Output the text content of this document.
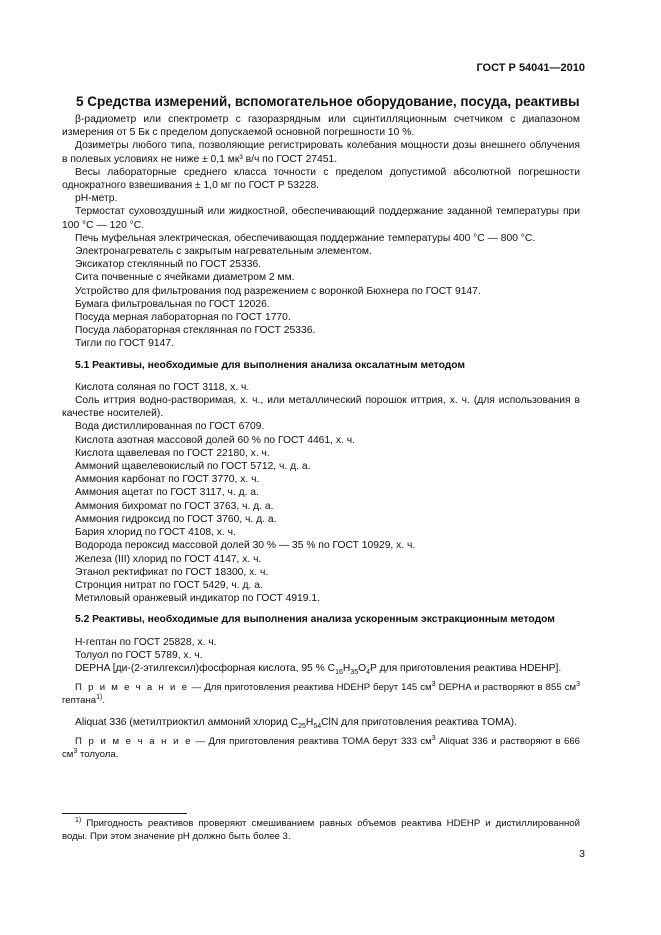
ГОСТ Р 54041—2010
5 Средства измерений, вспомогательное оборудование, посуда, реактивы

β-радиометр или спектрометр с газоразрядным или сцинтилляционным счетчиком с диапазоном измерения от 5 Бк с пределом допускаемой основной погрешности 10 %.

Дозиметры любого типа, позволяющие регистрировать колебания мощности дозы внешнего облучения в полевых условиях не ниже ± 0,1 мк³ в/ч по ГОСТ 27451.

Весы лабораторные среднего класса точности с пределом допустимой абсолютной погрешности однократного взвешивания ± 1,0 мг по ГОСТ Р 53228.

рН-метр.

Термостат суховоздушный или жидкостной, обеспечивающий поддержание заданной температуры при 100 °С — 120 °С.

Печь муфельная электрическая, обеспечивающая поддержание температуры 400 °С — 800 °С.

Электронагреватель с закрытым нагревательным элементом.

Эксикатор стеклянный по ГОСТ 25336.

Сита почвенные с ячейками диаметром 2 мм.

Устройство для фильтрования под разрежением с воронкой Бюхнера по ГОСТ 9147.

Бумага фильтровальная по ГОСТ 12026.

Посуда мерная лабораторная по ГОСТ 1770.

Посуда лабораторная стеклянная по ГОСТ 25336.

Тигли по ГОСТ 9147.

5.1 Реактивы, необходимые для выполнения анализа оксалатным методом

Кислота соляная по ГОСТ 3118, х. ч.

Соль иттрия водно-растворимая, х. ч., или металлический порошок иттрия, х. ч. (для использования в качестве носителей).

Вода дистиллированная по ГОСТ 6709.

Кислота азотная массовой долей 60 % по ГОСТ 4461, х. ч.

Кислота щавелевая по ГОСТ 22180, х. ч.

Аммоний щавелевокислый по ГОСТ 5712, ч. д. а.

Аммония карбонат по ГОСТ 3770, х. ч.

Аммония ацетат по ГОСТ 3117, ч. д. а.

Аммония бихромат по ГОСТ 3763, ч. д. а.

Аммония гидроксид по ГОСТ 3760, ч. д. а.

Бария хлорид по ГОСТ 4108, х. ч.

Водорода пероксид массовой долей 30 % — 35 % по ГОСТ 10929, х. ч.

Железа (III) хлорид по ГОСТ 4147, х. ч.

Этанол ректификат по ГОСТ 18300, х. ч.

Стронция нитрат по ГОСТ 5429, ч. д. а.

Метиловый оранжевый индикатор по ГОСТ 4919.1.

5.2 Реактивы, необходимые для выполнения анализа ускоренным экстракционным методом

Н-гептан по ГОСТ 25828, х. ч.

Толуол по ГОСТ 5789, х. ч.

DEPHA [ди-(2-этилгексил)фосфорная кислота, 95 % $C_{16}H_{35}O_4P$ для приготовления реактива HDEHP].

П р и м е ч а н и е — Для приготовления реактива HDEHP берут 145 $см^3$ DEPHA и растворяют в 855 $см^3$ гептана$^{1)}$.

Aliquat 336 (метилтриоктил аммоний хлорид $C_{25}H_{54}ClN$ для приготовления реактива TOMA).

П р и м е ч а н и е — Для приготовления реактива TOMA берут 333 $см^3$ Aliquat 336 и растворяют в 666 $см^3$ толуола.

$^{1)}$ Пригодность реактивов проверяют смешиванием равных объемов реактива HDEHP и дистиллированной воды. При этом значение рН должно быть более 3.
3
